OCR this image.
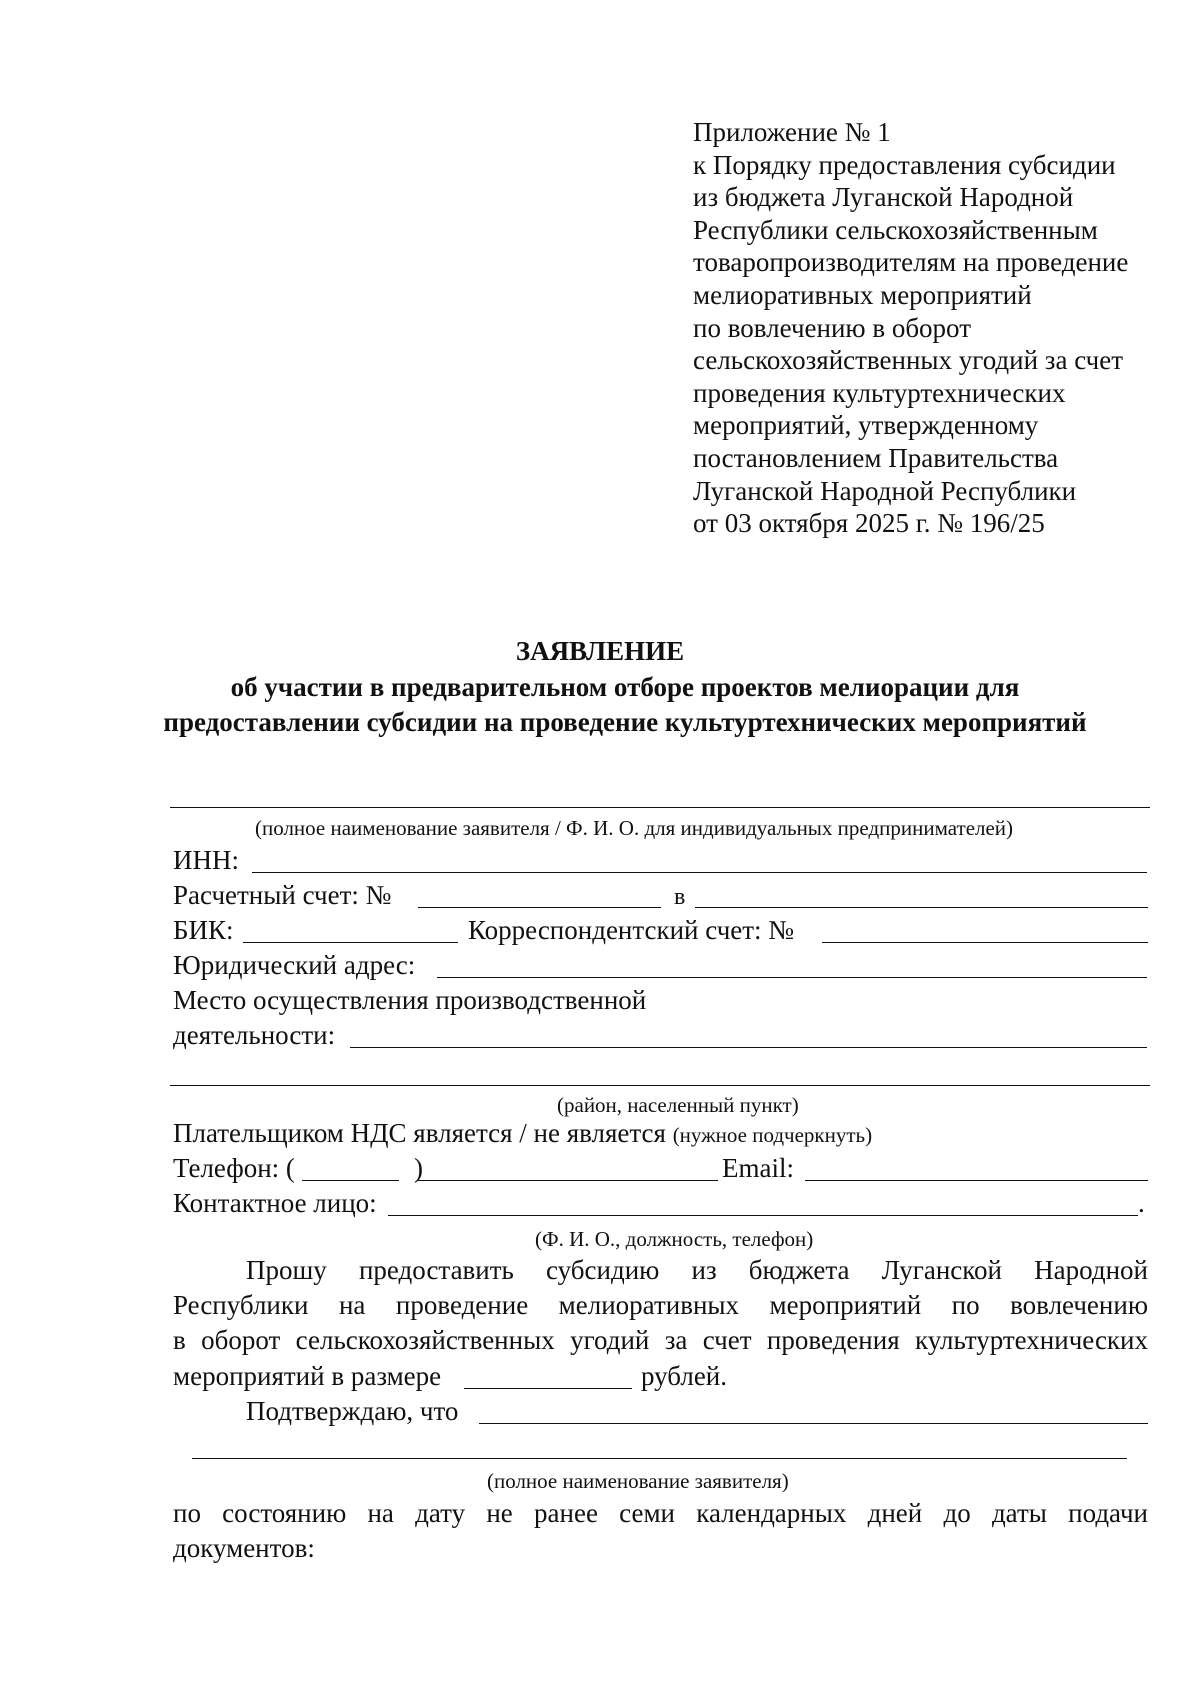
Приложение № 1
к Порядку предоставления субсидии
из бюджета Луганской Народной
Республики сельскохозяйственным
товаропроизводителям на проведение
мелиоративных мероприятий
по вовлечению в оборот
сельскохозяйственных угодий за счет
проведения культуртехнических
мероприятий, утвержденному
постановлением Правительства
Луганской Народной Республики
от 03 октября 2025 г. № 196/25
ЗАЯВЛЕНИЕ
об участии в предварительном отборе проектов мелиорации для
предоставлении субсидии на проведение культуртехнических мероприятий
(полное наименование заявителя / Ф. И. О. для индивидуальных предпринимателей)
ИНН:
Расчетный счет: №	в
БИК:	Корреспондентский счет: №
Юридический адрес:
Место осуществления производственной
деятельности:
(район, населенный пункт)
Плательщиком НДС является / не является (нужное подчеркнуть)
Телефон: (	)	Email:
Контактное лицо:	.
(Ф. И. О., должность, телефон)
Прошу предоставить субсидию из бюджета Луганской Народной
Республики на проведение мелиоративных мероприятий по вовлечению
в оборот сельскохозяйственных угодий за счет проведения культуртехнических
мероприятий в размере	рублей.
Подтверждаю, что
(полное наименование заявителя)
по состоянию на дату не ранее семи календарных дней до даты подачи
документов:
